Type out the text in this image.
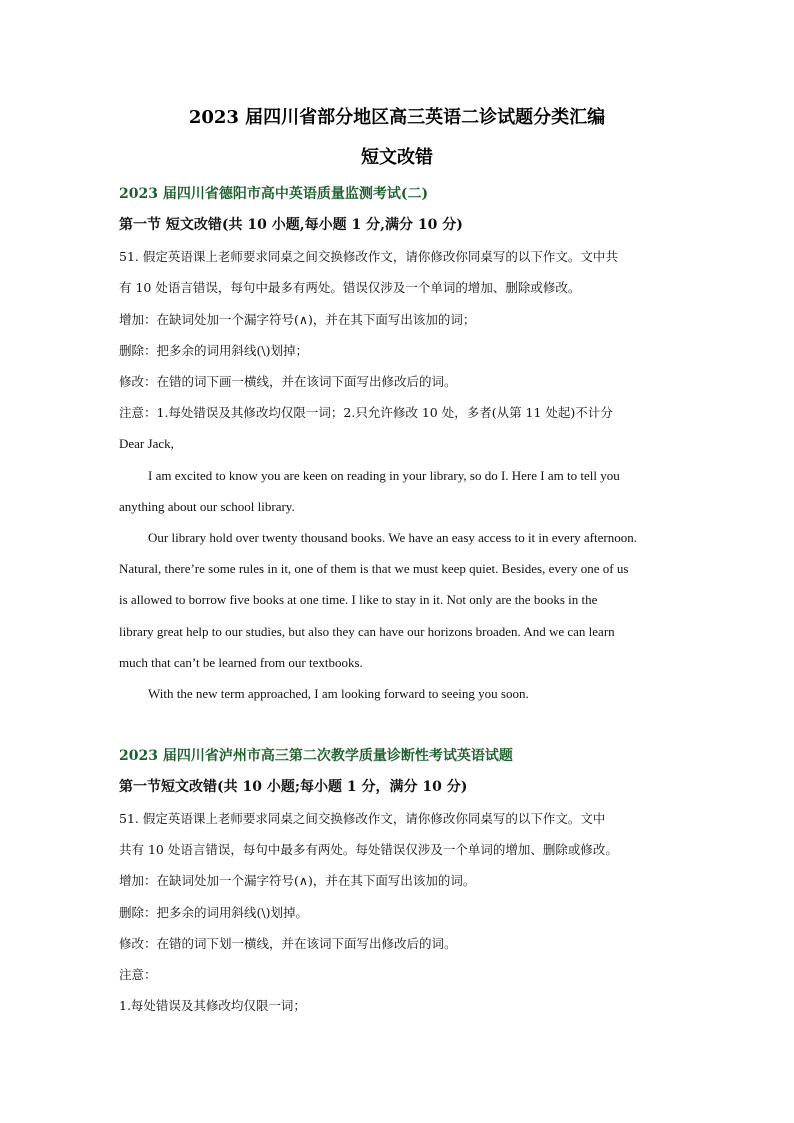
2023 届四川省部分地区高三英语二诊试题分类汇编
短文改错
2023 届四川省德阳市高中英语质量监测考试(二)
第一节 短文改错(共 10 小题,每小题 1 分,满分 10 分)
51. 假定英语课上老师要求同桌之间交换修改作文，请你修改你同桌写的以下作文。文中共
有 10 处语言错误，每句中最多有两处。错误仅涉及一个单词的增加、删除或修改。
增加：在缺词处加一个漏字符号(∧)，并在其下面写出该加的词；
删除：把多余的词用斜线(\)划掉；
修改：在错的词下画一横线，并在该词下面写出修改后的词。
注意：1.每处错误及其修改均仅限一词；2.只允许修改 10 处，多者(从第 11 处起)不计分
Dear Jack,
I am excited to know you are keen on reading in your library, so do I. Here I am to tell you
anything about our school library.
Our library hold over twenty thousand books. We have an easy access to it in every afternoon.
Natural, there’re some rules in it, one of them is that we must keep quiet. Besides, every one of us
is allowed to borrow five books at one time. I like to stay in it. Not only are the books in the
library great help to our studies, but also they can have our horizons broaden. And we can learn
much that can’t be learned from our textbooks.
With the new term approached, I am looking forward to seeing you soon.
2023 届四川省泸州市高三第二次教学质量诊断性考试英语试题
第一节短文改错(共 10 小题;每小题 1 分，满分 10 分)
51. 假定英语课上老师要求同桌之间交换修改作文，请你修改你同桌写的以下作文。文中
共有 10 处语言错误，每句中最多有两处。每处错误仅涉及一个单词的增加、删除或修改。
增加：在缺词处加一个漏字符号(∧)，并在其下面写出该加的词。
删除：把多余的词用斜线(\)划掉。
修改：在错的词下划一横线，并在该词下面写出修改后的词。
注意：
1.每处错误及其修改均仅限一词；
